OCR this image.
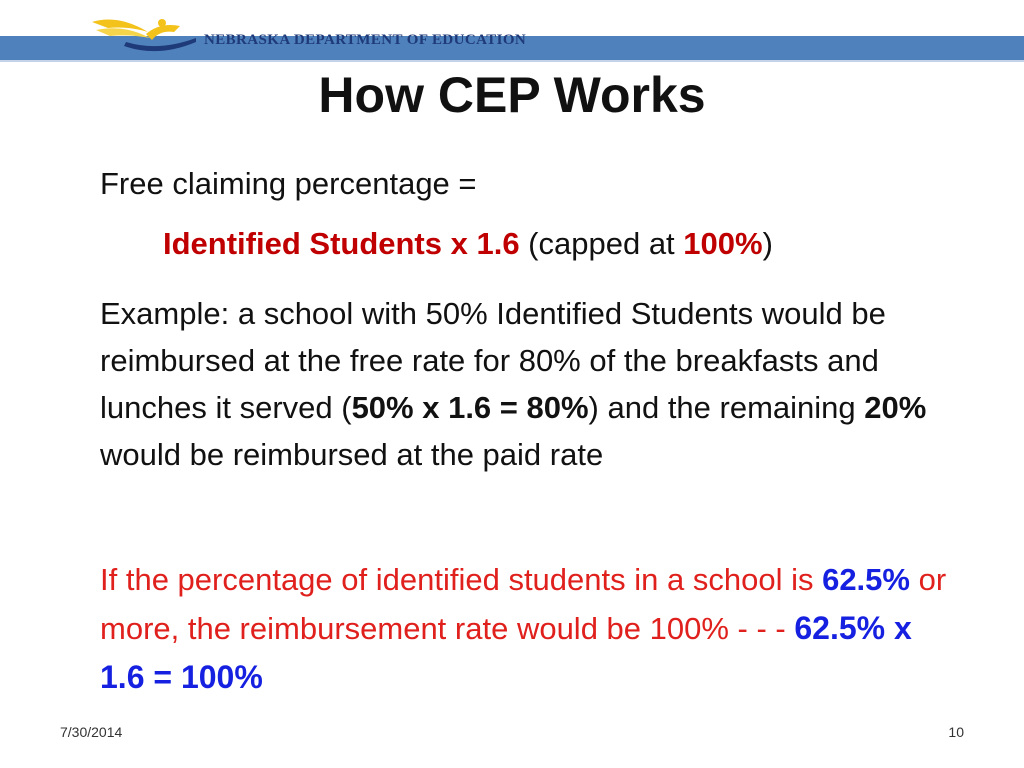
NEBRASKA DEPARTMENT OF EDUCATION
How CEP Works
Free claiming percentage =
Identified Students x 1.6 (capped at 100%)
Example: a school with 50% Identified Students would be reimbursed at the free rate for 80% of the breakfasts and lunches it served (50% x 1.6 = 80%) and the remaining 20% would be reimbursed at the paid rate
If the percentage of identified students in a school is 62.5% or more, the reimbursement rate would be 100% - - - 62.5% x 1.6 = 100%
7/30/2014	10
